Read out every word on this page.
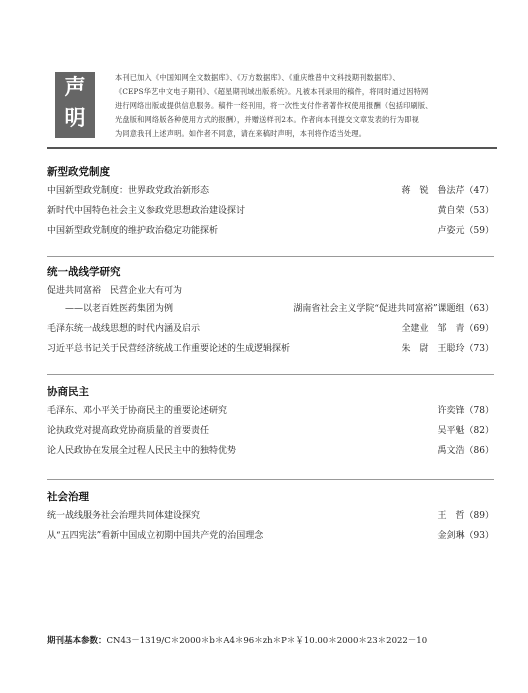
声
明
本刊已加入《中国知网全文数据库》、《万方数据库》、《重庆维普中文科技期刊数据库》、
《CEPS华艺中文电子期刊》、《超星期刊域出版系统》。凡被本刊录用的稿件，将同时通过因特网
进行网络出版或提供信息服务。稿件一经刊用，将一次性支付作者著作权使用报酬（包括印刷版、
光盘版和网络版各种使用方式的报酬），并赠送样刊2本。作者向本刊提交文章发表的行为即视
为同意我刊上述声明。如作者不同意，请在来稿时声明，本刊将作适当处理。
新型政党制度
中国新型政党制度：世界政党政治新形态	蒋　锐　鲁法芹（47）
新时代中国特色社会主义参政党思想政治建设探讨	黄自荣（53）
中国新型政党制度的维护政治稳定功能探析	卢姿元（59）
统一战线学研究
促进共同富裕　民营企业大有可为
——以老百姓医药集团为例	湖南省社会主义学院“促进共同富裕”课题组（63）
毛泽东统一战线思想的时代内涵及启示	全建业　邹　青（69）
习近平总书记关于民营经济统战工作重要论述的生成逻辑探析	朱　尉　王聪玲（73）
协商民主
毛泽东、邓小平关于协商民主的重要论述研究	许奕锋（78）
论执政党对提高政党协商质量的首要责任	吴平魁（82）
论人民政协在发展全过程人民民主中的独特优势	禹文浩（86）
社会治理
统一战线服务社会治理共同体建设探究	王　哲（89）
从“五四宪法”看新中国成立初期中国共产党的治国理念	金剑琳（93）
期刊基本参数：CN43－1319/C＊2000＊b＊A4＊96＊zh＊P＊￥10.00＊2000＊23＊2022－10
